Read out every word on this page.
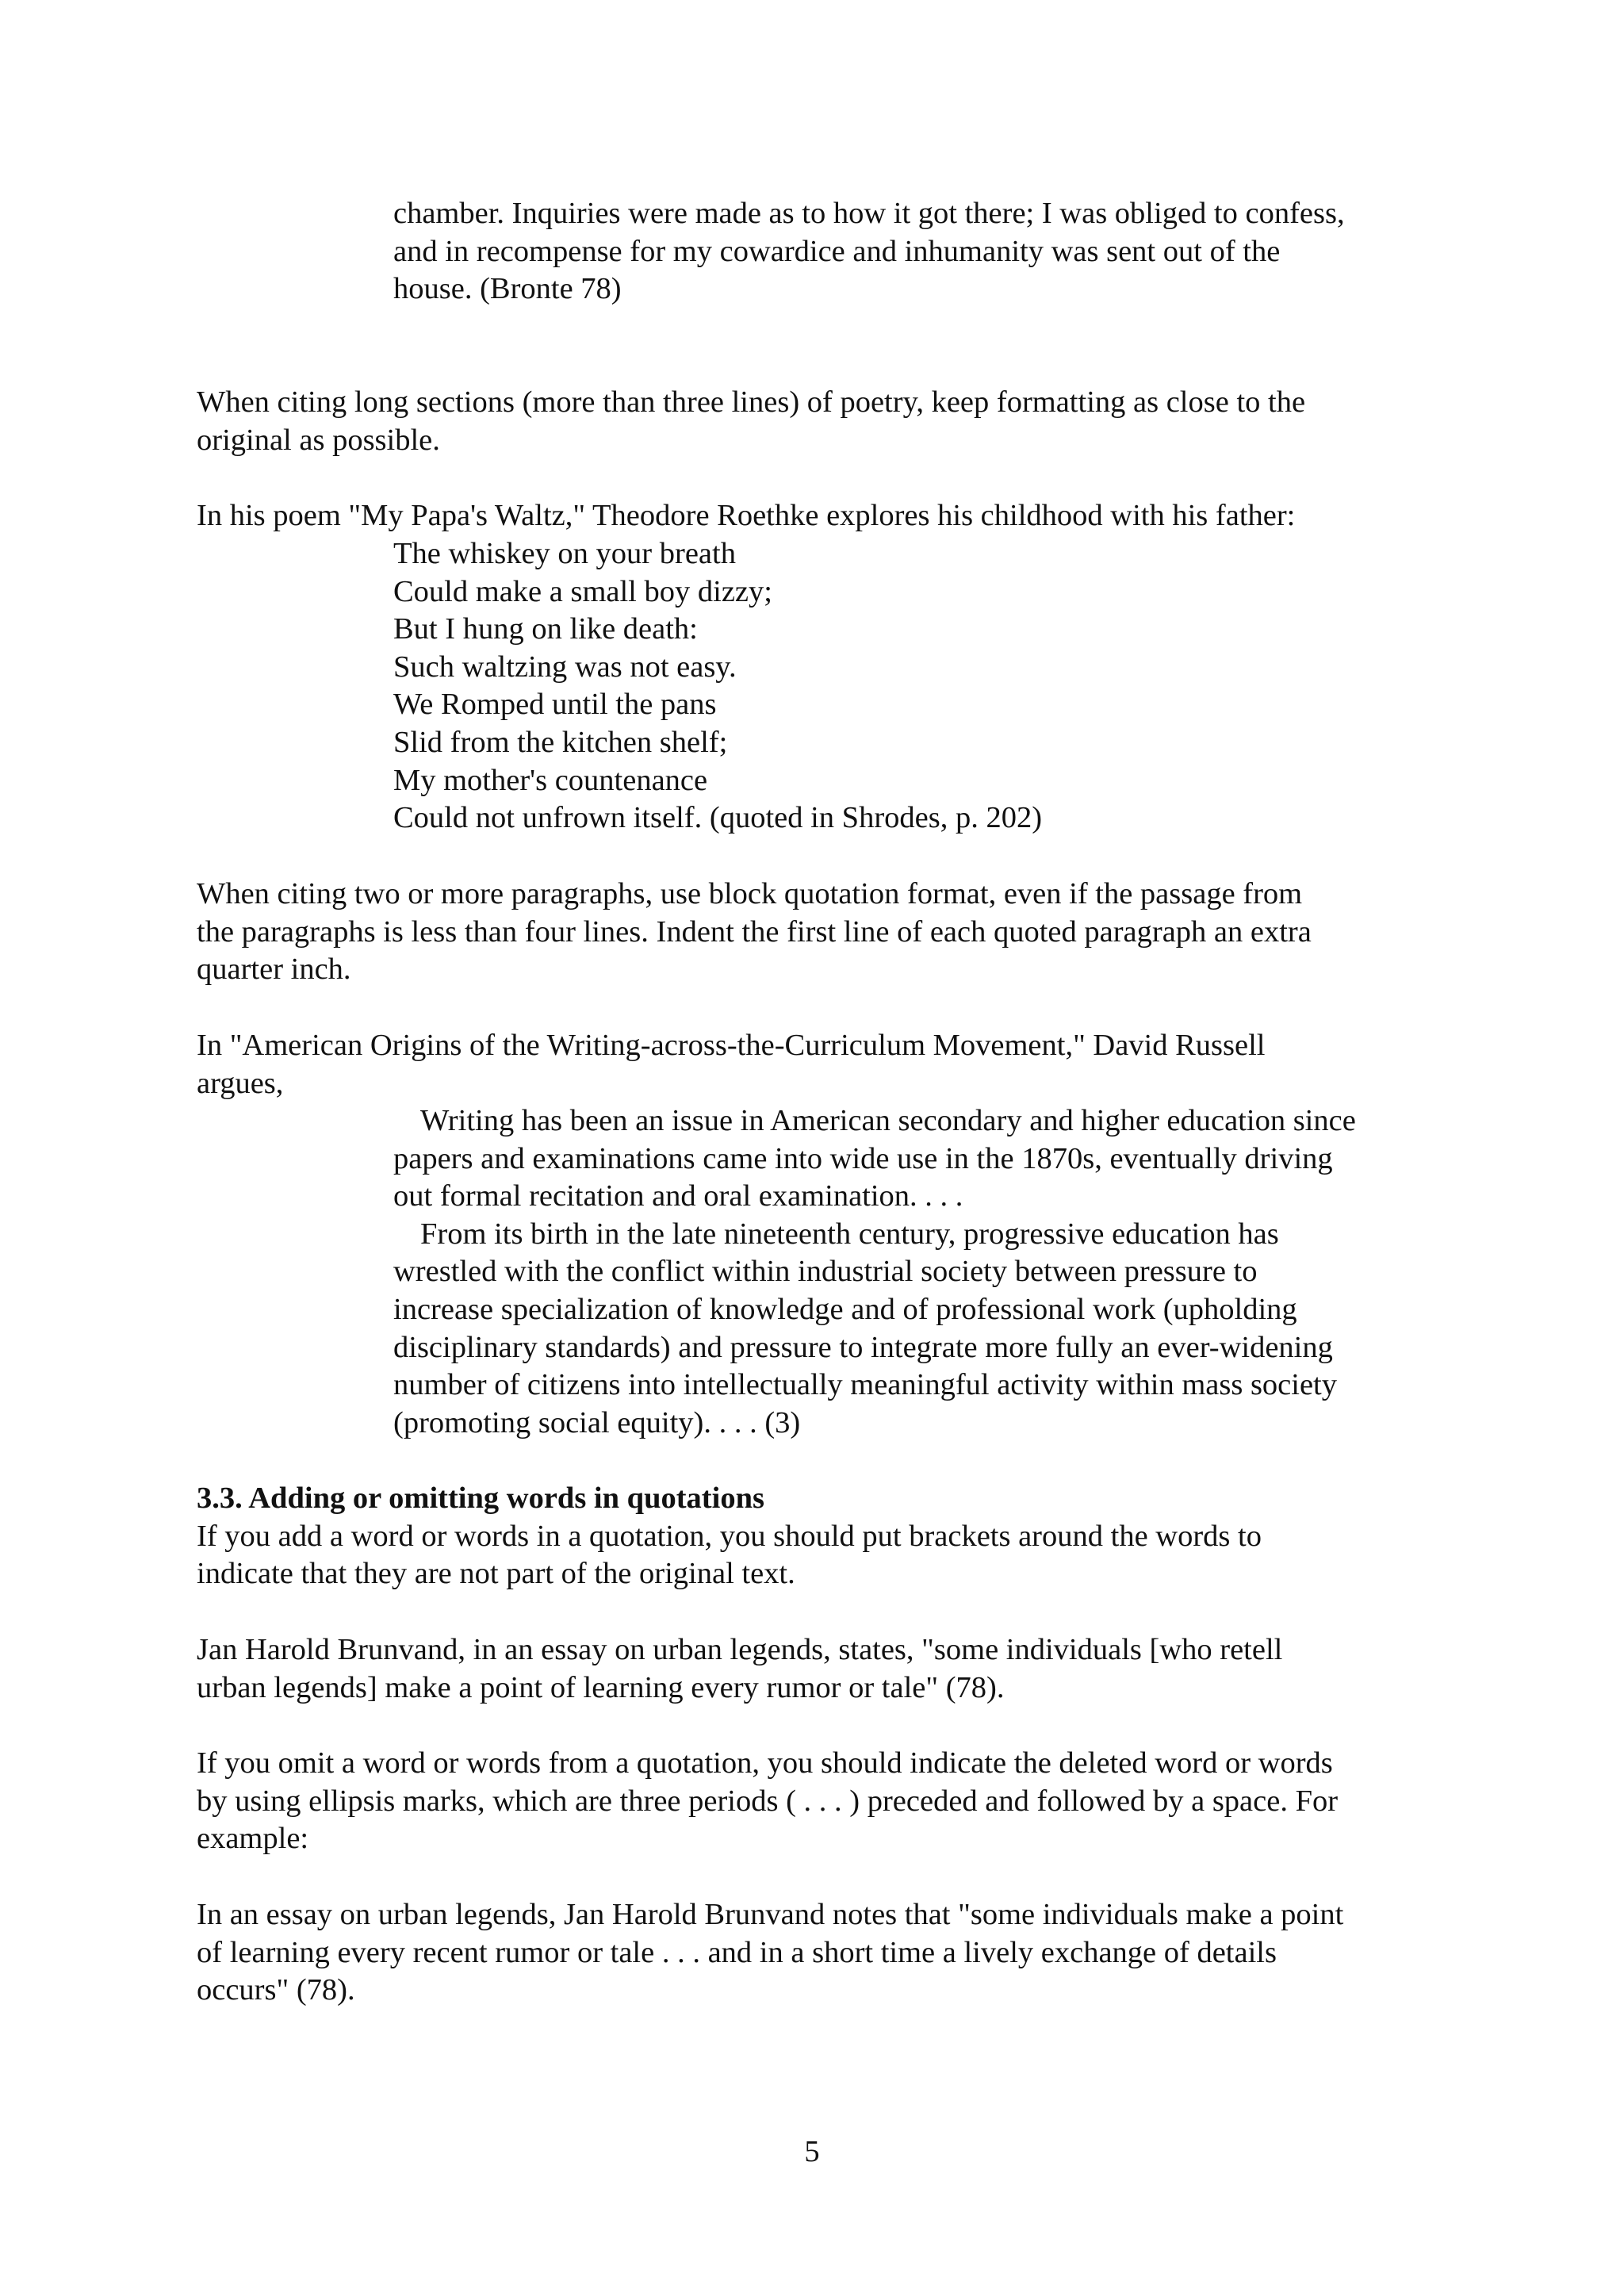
chamber. Inquiries were made as to how it got there; I was obliged to confess,
and in recompense for my cowardice and inhumanity was sent out of the
house. (Bronte 78)
When citing long sections (more than three lines) of poetry, keep formatting as close to the
original as possible.
In his poem "My Papa's Waltz," Theodore Roethke explores his childhood with his father:
The whiskey on your breath
Could make a small boy dizzy;
But I hung on like death:
Such waltzing was not easy.
We Romped until the pans
Slid from the kitchen shelf;
My mother's countenance
Could not unfrown itself. (quoted in Shrodes, p. 202)
When citing two or more paragraphs, use block quotation format, even if the passage from
the paragraphs is less than four lines. Indent the first line of each quoted paragraph an extra
quarter inch.
In "American Origins of the Writing-across-the-Curriculum Movement," David Russell
argues,
Writing has been an issue in American secondary and higher education since
papers and examinations came into wide use in the 1870s, eventually driving
out formal recitation and oral examination. . . .
From its birth in the late nineteenth century, progressive education has
wrestled with the conflict within industrial society between pressure to
increase specialization of knowledge and of professional work (upholding
disciplinary standards) and pressure to integrate more fully an ever-widening
number of citizens into intellectually meaningful activity within mass society
(promoting social equity). . . . (3)
3.3. Adding or omitting words in quotations
If you add a word or words in a quotation, you should put brackets around the words to
indicate that they are not part of the original text.
Jan Harold Brunvand, in an essay on urban legends, states, "some individuals [who retell
urban legends] make a point of learning every rumor or tale" (78).
If you omit a word or words from a quotation, you should indicate the deleted word or words
by using ellipsis marks, which are three periods ( . . . ) preceded and followed by a space. For
example:
In an essay on urban legends, Jan Harold Brunvand notes that "some individuals make a point
of learning every recent rumor or tale . . . and in a short time a lively exchange of details
occurs" (78).
5
